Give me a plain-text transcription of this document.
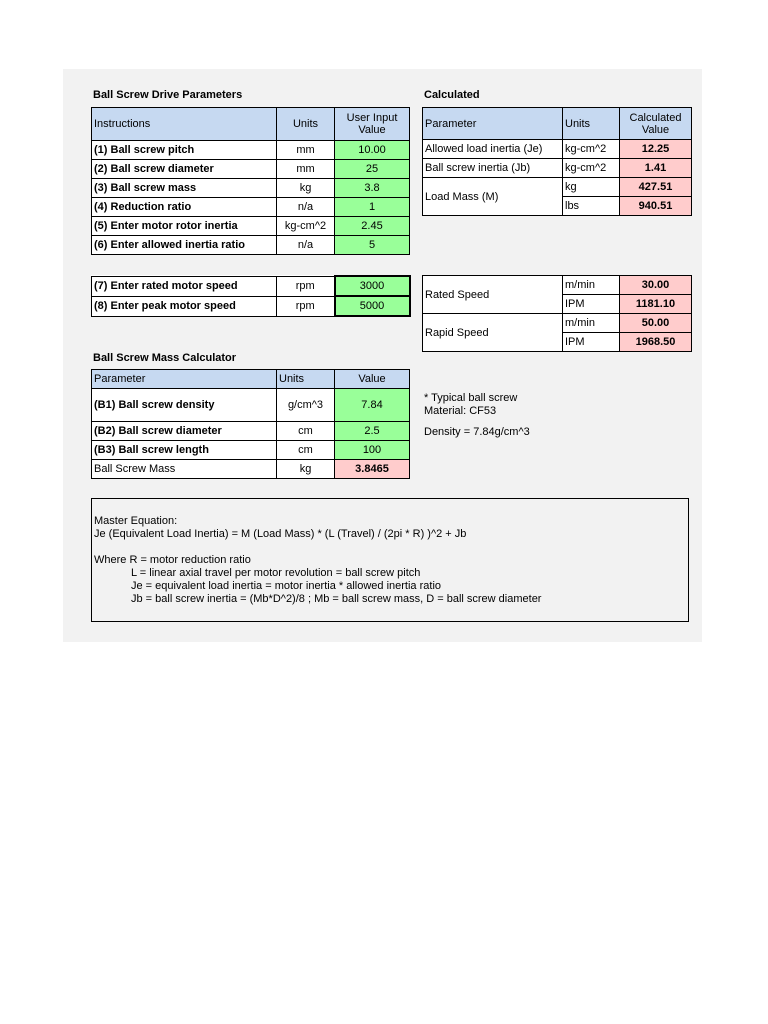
Ball Screw Drive Parameters
Instructions	Units	User Input Value
(1) Ball screw pitch	mm	10.00
(2) Ball screw diameter	mm	25
(3) Ball screw mass	kg	3.8
(4) Reduction ratio	n/a	1
(5) Enter motor rotor inertia	kg-cm^2	2.45
(6) Enter allowed inertia ratio	n/a	5
(7) Enter rated motor speed	rpm	3000
(8) Enter peak motor speed	rpm	5000
Calculated
Parameter	Units	Calculated Value
Allowed load inertia (Je)	kg-cm^2	12.25
Ball screw inertia (Jb)	kg-cm^2	1.41
Load Mass (M)	kg	427.51
	lbs	940.51
Rated Speed	m/min	30.00
	IPM	1181.10
Rapid Speed	m/min	50.00
	IPM	1968.50
Ball Screw Mass Calculator
Parameter	Units	Value
(B1) Ball screw density	g/cm^3	7.84
(B2) Ball screw diameter	cm	2.5
(B3) Ball screw length	cm	100
Ball Screw Mass	kg	3.8465
* Typical ball screw
Material: CF53
Density = 7.84g/cm^3
Master Equation:
Je (Equivalent Load Inertia) = M (Load Mass) * (L (Travel) / (2pi * R) )^2 + Jb
Where R = motor reduction ratio
L = linear axial travel per motor revolution = ball screw pitch
Je = equivalent load inertia = motor inertia * allowed inertia ratio
Jb = ball screw inertia = (Mb*D^2)/8 ; Mb = ball screw mass, D = ball screw diameter
